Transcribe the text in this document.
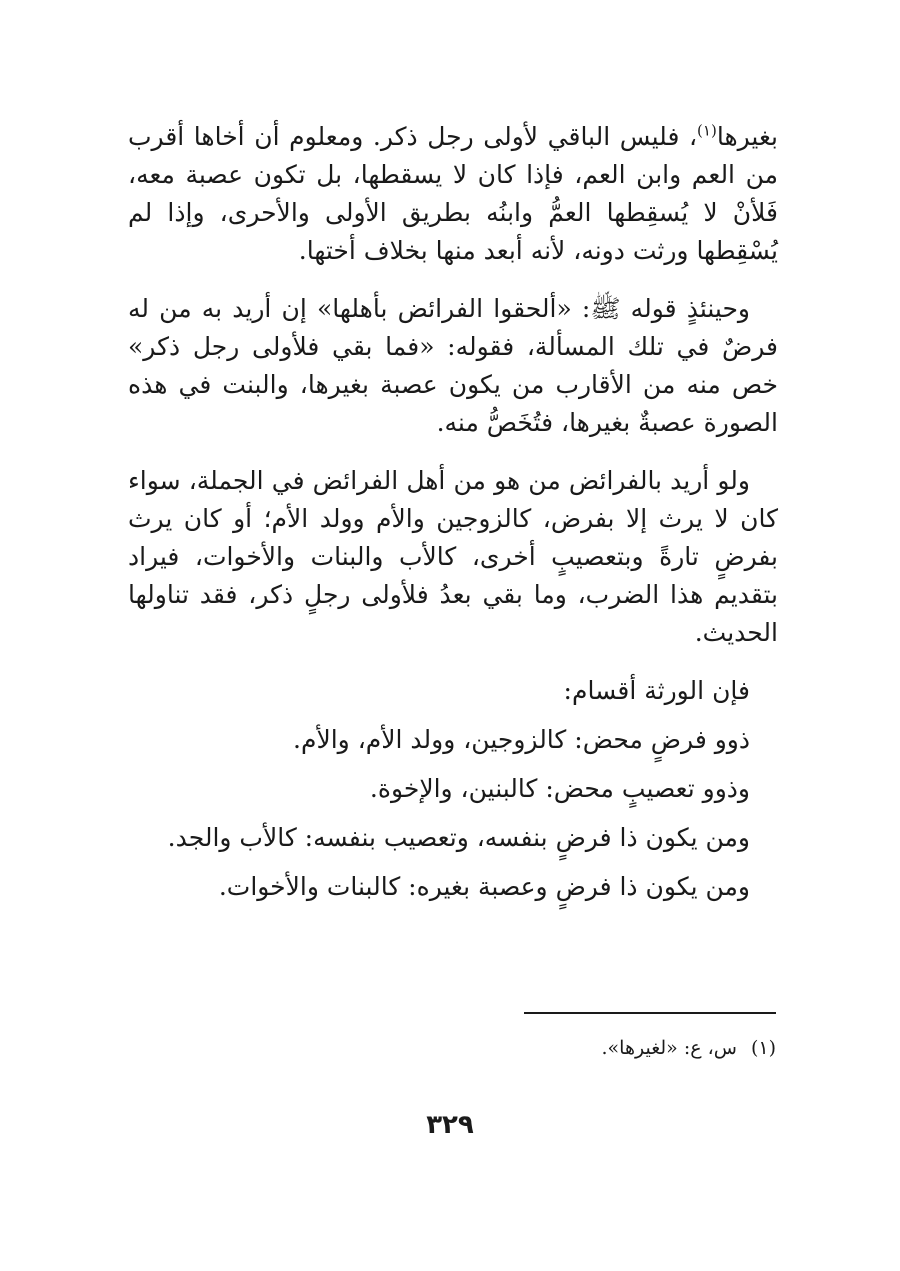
بغيرها$^{(١)}$، فليس الباقي لأولى رجل ذكر. ومعلوم أن أخاها أقرب من العم وابن العم، فإذا كان لا يسقطها، بل تكون عصبة معه، فَلأنْ لا يُسقِطها العمُّ وابنُه بطريق الأولى والأحرى، وإذا لم يُسْقِطها ورثت دونه، لأنه أبعد منها بخلاف أختها.

وحينئذٍ قوله ﷺ: «ألحقوا الفرائض بأهلها» إن أريد به من له فرضٌ في تلك المسألة، فقوله: «فما بقي فلأولى رجل ذكر» خص منه من الأقارب من يكون عصبة بغيرها، والبنت في هذه الصورة عصبةٌ بغيرها، فتُخَصُّ منه.

ولو أريد بالفرائض من هو من أهل الفرائض في الجملة، سواء كان لا يرث إلا بفرض، كالزوجين والأم وولد الأم؛ أو كان يرث بفرضٍ تارةً وبتعصيبٍ أخرى، كالأب والبنات والأخوات، فيراد بتقديم هذا الضرب، وما بقي بعدُ فلأولى رجلٍ ذكر، فقد تناولها الحديث.

فإن الورثة أقسام:

ذوو فرضٍ محض: كالزوجين، وولد الأم، والأم.
وذوو تعصيبٍ محض: كالبنين، والإخوة.
ومن يكون ذا فرضٍ بنفسه، وتعصيب بنفسه: كالأب والجد.
ومن يكون ذا فرضٍ وعصبة بغيره: كالبنات والأخوات.
(١)س، ع: «لغيرها».
٣٢٩
